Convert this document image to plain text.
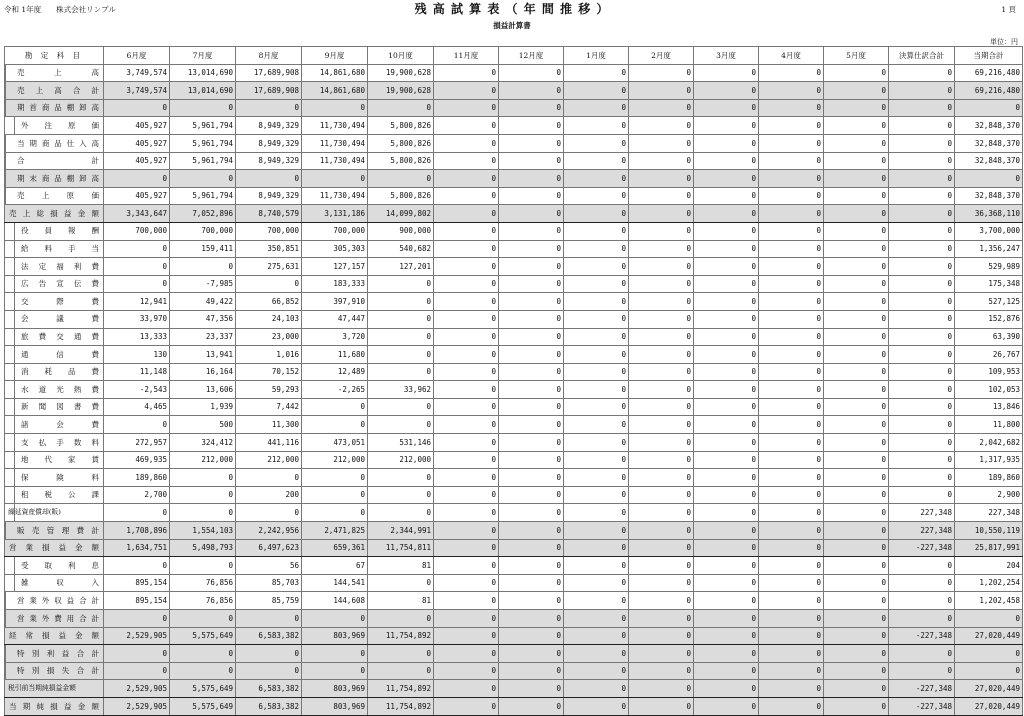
令和 1年度　　 株式会社リンプル	残 高 試 算 表 （ 年 間 推 移 ）
損益計算書
1 頁
単位：円
勘 定 科 目	6月度	7月度	8月度	9月度	10月度	11月度	12月度	1月度	2月度	3月度	4月度	5月度	決算仕訳合計	当期合計
売　上　高	3,749,574	13,014,690	17,689,908	14,861,680	19,900,628	0	0	0	0	0	0	0	0	69,216,480
売 上 高 合 計	3,749,574	13,014,690	17,689,908	14,861,680	19,900,628	0	0	0	0	0	0	0	0	69,216,480
期首商品棚卸高	0	0	0	0	0	0	0	0	0	0	0	0	0	0
外　注　原　価	405,927	5,961,794	8,949,329	11,730,494	5,800,826	0	0	0	0	0	0	0	0	32,848,370
当期商品仕入高	405,927	5,961,794	8,949,329	11,730,494	5,800,826	0	0	0	0	0	0	0	0	32,848,370
合　　　計	405,927	5,961,794	8,949,329	11,730,494	5,800,826	0	0	0	0	0	0	0	0	32,848,370
期末商品棚卸高	0	0	0	0	0	0	0	0	0	0	0	0	0	0
売　上　原　価	405,927	5,961,794	8,949,329	11,730,494	5,800,826	0	0	0	0	0	0	0	0	32,848,370
売上総損益金額	3,343,647	7,052,896	8,740,579	3,131,186	14,099,802	0	0	0	0	0	0	0	0	36,368,110
役　員　報　酬	700,000	700,000	700,000	700,000	900,000	0	0	0	0	0	0	0	0	3,700,000
給　料　手　当	0	159,411	350,851	305,303	540,682	0	0	0	0	0	0	0	0	1,356,247
法 定 福 利 費	0	0	275,631	127,157	127,201	0	0	0	0	0	0	0	0	529,989
広 告 宣 伝 費	0	-7,985	0	183,333	0	0	0	0	0	0	0	0	0	175,348
交　　際　　費	12,941	49,422	66,852	397,910	0	0	0	0	0	0	0	0	0	527,125
会　　議　　費	33,970	47,356	24,103	47,447	0	0	0	0	0	0	0	0	0	152,876
旅 費 交 通 費	13,333	23,337	23,000	3,720	0	0	0	0	0	0	0	0	0	63,390
通　　信　　費	130	13,941	1,016	11,680	0	0	0	0	0	0	0	0	0	26,767
消　耗　品　費	11,148	16,164	70,152	12,489	0	0	0	0	0	0	0	0	0	109,953
水 道 光 熱 費	-2,543	13,606	59,293	-2,265	33,962	0	0	0	0	0	0	0	0	102,053
新 聞 図 書 費	4,465	1,939	7,442	0	0	0	0	0	0	0	0	0	0	13,846
諸　　会　　費	0	500	11,300	0	0	0	0	0	0	0	0	0	0	11,800
支 払 手 数 料	272,957	324,412	441,116	473,051	531,146	0	0	0	0	0	0	0	0	2,042,682
地　代　家　賃	469,935	212,000	212,000	212,000	212,000	0	0	0	0	0	0	0	0	1,317,935
保　　険　　料	189,860	0	0	0	0	0	0	0	0	0	0	0	0	189,860
租　税　公　課	2,700	0	200	0	0	0	0	0	0	0	0	0	0	2,900
繰延資産償却(販)	0	0	0	0	0	0	0	0	0	0	0	0	227,348	227,348
販 売 管 理 費 計	1,708,896	1,554,103	2,242,956	2,471,825	2,344,991	0	0	0	0	0	0	0	227,348	10,550,119
営業損益金額	1,634,751	5,498,793	6,497,623	659,361	11,754,811	0	0	0	0	0	0	0	-227,348	25,817,991
受　取　利　息	0	0	56	67	81	0	0	0	0	0	0	0	0	204
雑　　収　　入	895,154	76,856	85,703	144,541	0	0	0	0	0	0	0	0	0	1,202,254
営業外収益合計	895,154	76,856	85,759	144,608	81	0	0	0	0	0	0	0	0	1,202,458
営業外費用合計	0	0	0	0	0	0	0	0	0	0	0	0	0	0
経常損益金額	2,529,905	5,575,649	6,583,382	803,969	11,754,892	0	0	0	0	0	0	0	-227,348	27,020,449
特別利益合計	0	0	0	0	0	0	0	0	0	0	0	0	0	0
特別損失合計	0	0	0	0	0	0	0	0	0	0	0	0	0	0
税引前当期純損益金額	2,529,905	5,575,649	6,583,382	803,969	11,754,892	0	0	0	0	0	0	0	-227,348	27,020,449
当期純損益金額	2,529,905	5,575,649	6,583,382	803,969	11,754,892	0	0	0	0	0	0	0	-227,348	27,020,449
